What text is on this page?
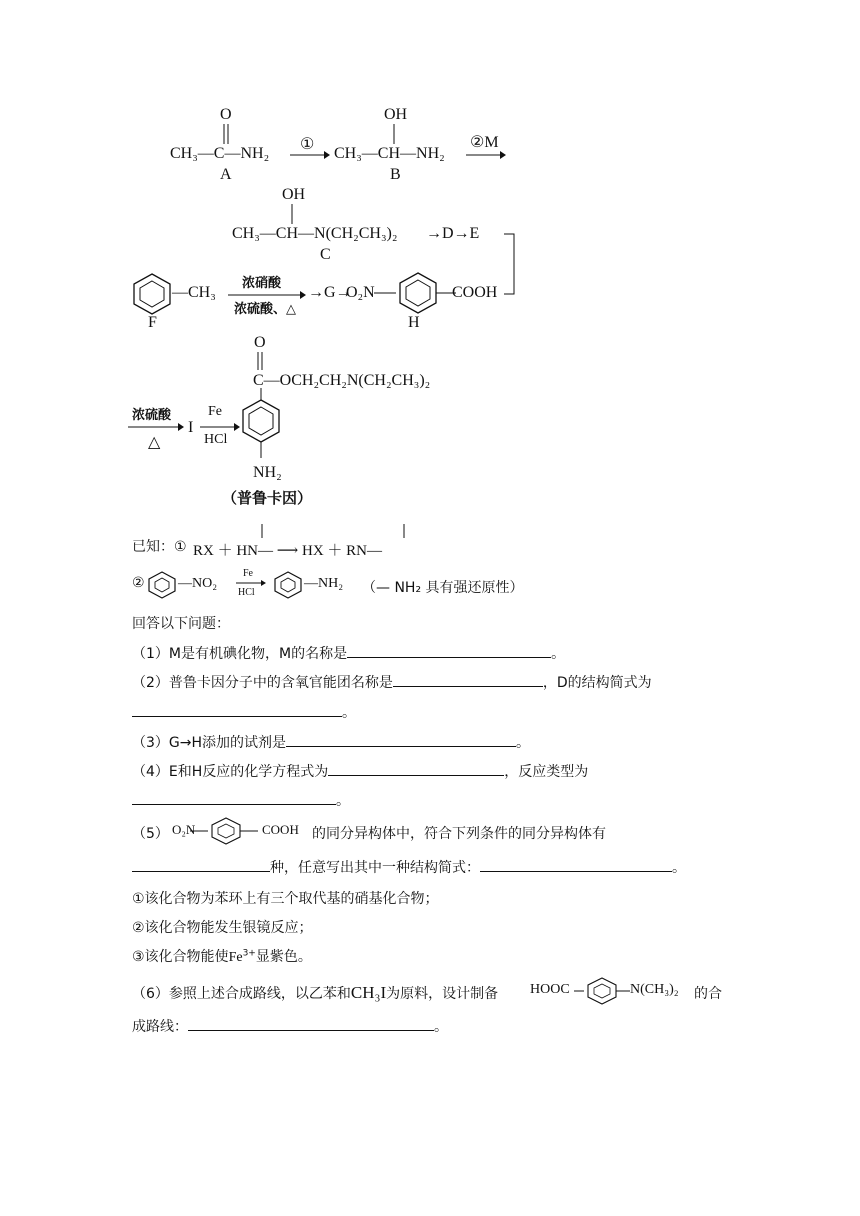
O
CH₃—C—NH₂
A
①
OH
CH₃—CH—NH₂
B
②M
OH
CH₃—CH—N(CH₂CH₃)₂
C
→D→E
—CH₃
F
浓硝酸
浓硫酸、△
→G→
O₂N	COOH
H
O
C—OCH₂CH₂N(CH₂CH₃)₂
浓硫酸
△
I
Fe
HCl
NH₂
（普鲁卡因）
已知：① RX ＋ HN— ⟶ HX ＋ RN—
② —NO₂
Fe
HCl
—NH₂ （— NH₂ 具有强还原性）
回答以下问题：
（1）M是有机碘化物，M的名称是	。
（2）普鲁卡因分子中的含氧官能团名称是	，D的结构简式为
。
（3）G→H添加的试剂是	。
（4）E和H反应的化学方程式为	，反应类型为
。
（5） O₂N	COOH 的同分异构体中，符合下列条件的同分异构体有
种，任意写出其中一种结构简式：	。
①该化合物为苯环上有三个取代基的硝基化合物；
②该化合物能发生银镜反应；
③该化合物能使$Fe^{3+}$显紫色。
（6）参照上述合成路线，以乙苯和CH₃I为原料，设计制备 HOOC	N(CH₃)₂ 的合
成路线：	。
